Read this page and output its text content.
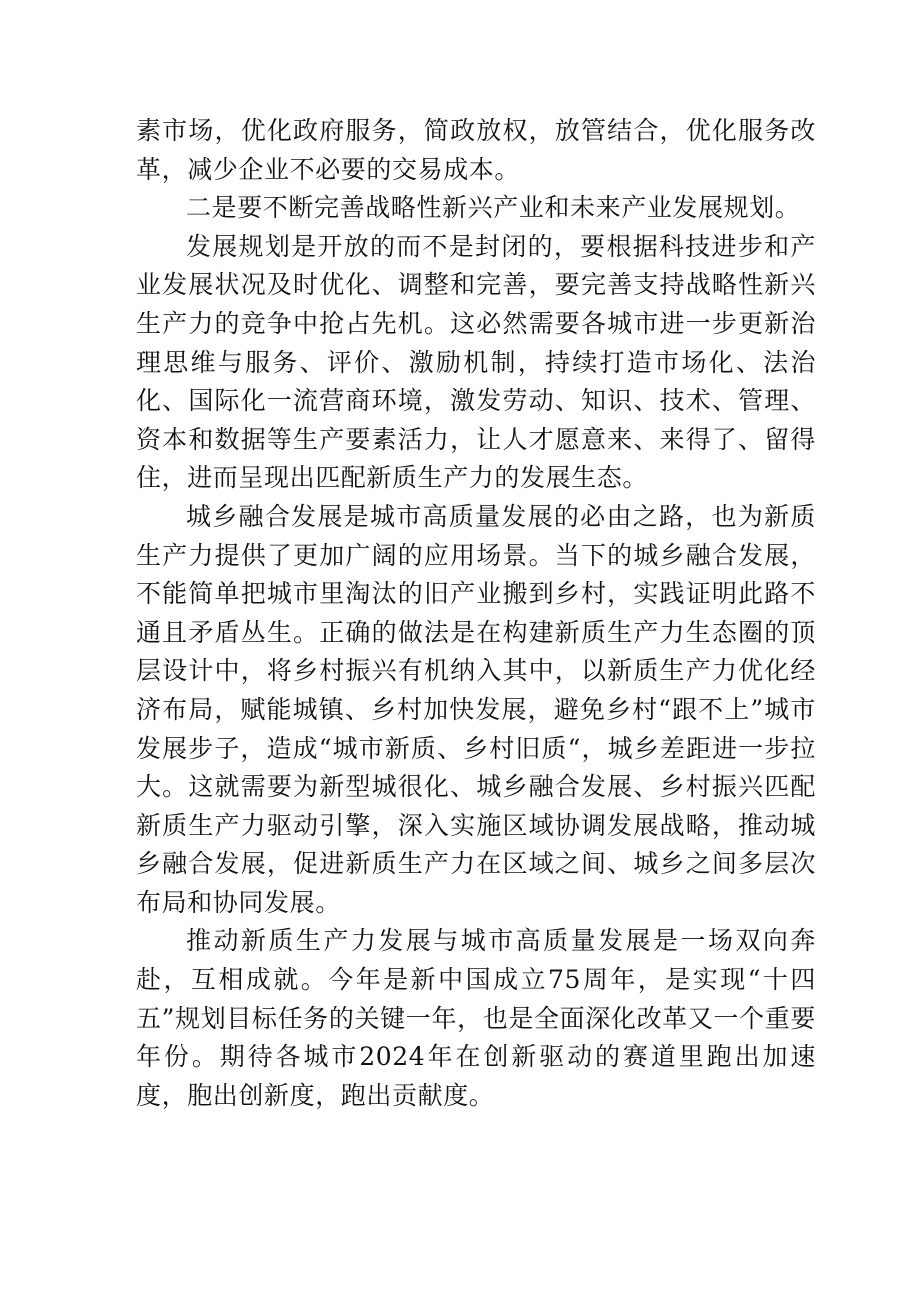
素市场，优化政府服务，简政放权，放管结合，优化服务改革，减少企业不必要的交易成本。

二是要不断完善战略性新兴产业和未来产业发展规划。

发展规划是开放的而不是封闭的，要根据科技进步和产业发展状况及时优化、调整和完善，要完善支持战略性新兴生产力的竞争中抢占先机。这必然需要各城市进一步更新治理思维与服务、评价、激励机制，持续打造市场化、法治化、国际化一流营商环境，激发劳动、知识、技术、管理、资本和数据等生产要素活力，让人才愿意来、来得了、留得住，进而呈现出匹配新质生产力的发展生态。

城乡融合发展是城市高质量发展的必由之路，也为新质生产力提供了更加广阔的应用场景。当下的城乡融合发展，不能简单把城市里淘汰的旧产业搬到乡村，实践证明此路不通且矛盾丛生。正确的做法是在构建新质生产力生态圈的顶层设计中，将乡村振兴有机纳入其中，以新质生产力优化经济布局，赋能城镇、乡村加快发展，避免乡村“跟不上”城市发展步子，造成“城市新质、乡村旧质“，城乡差距进一步拉大。这就需要为新型城很化、城乡融合发展、乡村振兴匹配新质生产力驱动引擎，深入实施区域协调发展战略，推动城乡融合发展，促进新质生产力在区域之间、城乡之间多层次布局和协同发展。

推动新质生产力发展与城市高质量发展是一场双向奔赴，互相成就。今年是新中国成立75周年，是实现“十四五”规划目标任务的关键一年，也是全面深化改革又一个重要年份。期待各城市2024年在创新驱动的赛道里跑出加速度，胞出创新度，跑出贡献度。
